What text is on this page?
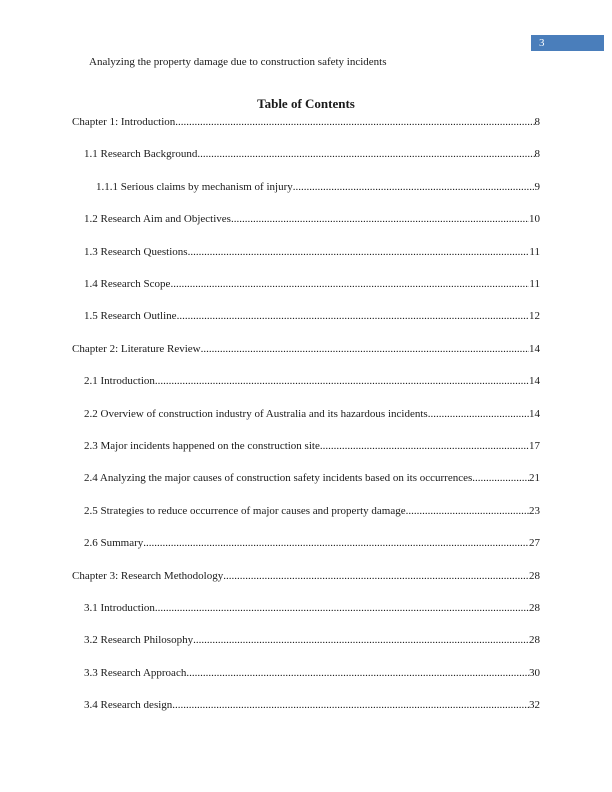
3
Analyzing the property damage due to construction safety incidents
Table of Contents
Chapter 1: Introduction .....	8
1.1 Research Background .....	8
1.1.1 Serious claims by mechanism of injury .....	9
1.2 Research Aim and Objectives .....	10
1.3 Research Questions .....	11
1.4 Research Scope .....	11
1.5 Research Outline .....	12
Chapter 2: Literature Review .....	14
2.1 Introduction .....	14
2.2 Overview of construction industry of Australia and its hazardous incidents .....	14
2.3 Major incidents happened on the construction site .....	17
2.4 Analyzing the major causes of construction safety incidents based on its occurrences .....	21
2.5 Strategies to reduce occurrence of major causes and property damage .....	23
2.6 Summary .....	27
Chapter 3: Research Methodology .....	28
3.1 Introduction .....	28
3.2 Research Philosophy .....	28
3.3 Research Approach .....	30
3.4 Research design .....	32
